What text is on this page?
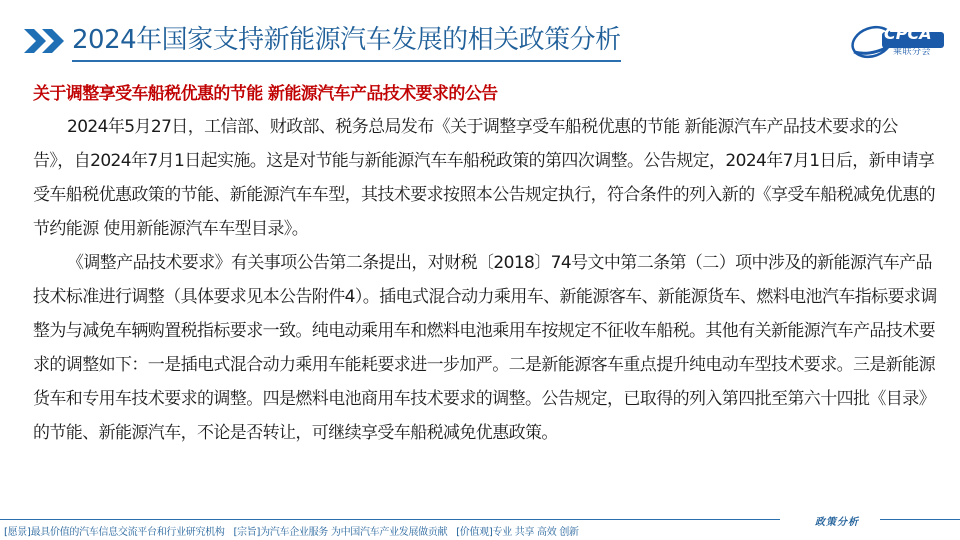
2024年国家支持新能源汽车发展的相关政策分析	CPCA
乘联分会
关于调整享受车船税优惠的节能 新能源汽车产品技术要求的公告

2024年5月27日，工信部、财政部、税务总局发布《关于调整享受车船税优惠的节能 新能源汽车产品技术要求的公告》，自2024年7月1日起实施。这是对节能与新能源汽车车船税政策的第四次调整。公告规定，2024年7月1日后，新申请享受车船税优惠政策的节能、新能源汽车车型，其技术要求按照本公告规定执行，符合条件的列入新的《享受车船税减免优惠的节约能源 使用新能源汽车车型目录》。

《调整产品技术要求》有关事项公告第二条提出，对财税〔2018〕74号文中第二条第（二）项中涉及的新能源汽车产品技术标准进行调整（具体要求见本公告附件4）。插电式混合动力乘用车、新能源客车、新能源货车、燃料电池汽车指标要求调整为与减免车辆购置税指标要求一致。纯电动乘用车和燃料电池乘用车按规定不征收车船税。其他有关新能源汽车产品技术要求的调整如下：一是插电式混合动力乘用车能耗要求进一步加严。二是新能源客车重点提升纯电动车型技术要求。三是新能源货车和专用车技术要求的调整。四是燃料电池商用车技术要求的调整。公告规定，已取得的列入第四批至第六十四批《目录》的节能、新能源汽车，不论是否转让，可继续享受车船税减免优惠政策。

政策分析
[愿景]最具价值的汽车信息交流平台和行业研究机构 [宗旨]为汽车企业服务 为中国汽车产业发展做贡献 [价值观]专业 共享 高效 创新
